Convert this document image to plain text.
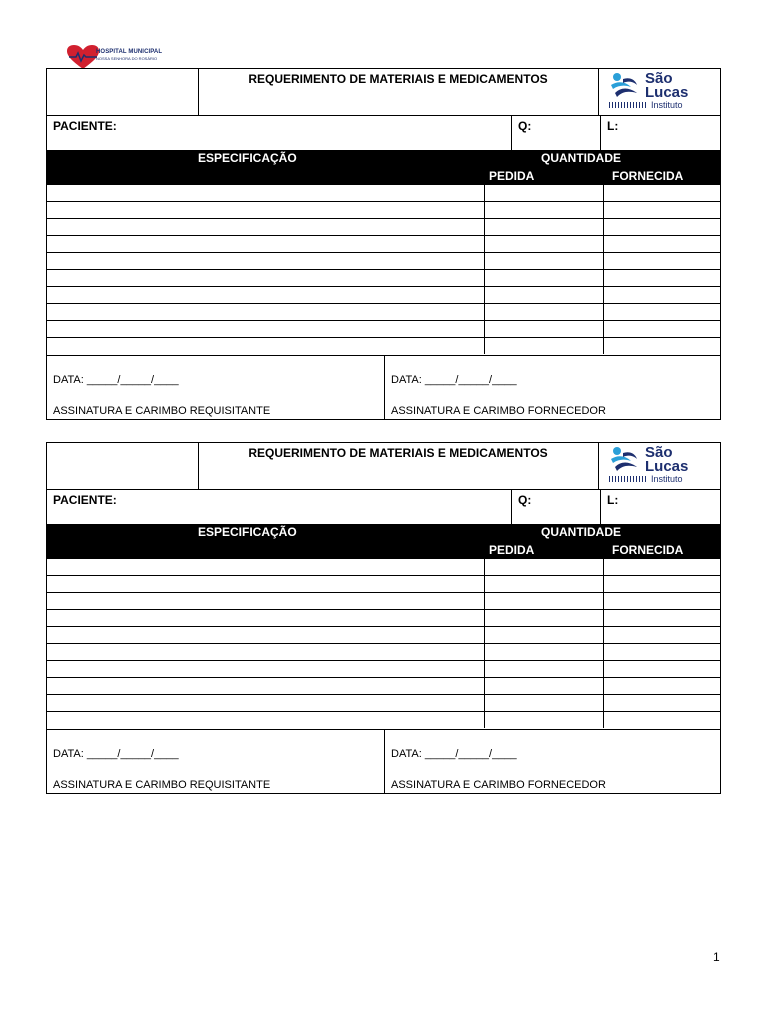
HOSPITAL MUNICIPAL
NOSSA SENHORA DO ROSÁRIO
REQUERIMENTO DE MATERIAIS E MEDICAMENTOS	São
Lucas
Instituto
PACIENTE:	Q:	L:
ESPECIFICAÇÃO	QUANTIDADE
PEDIDA	FORNECIDA
DATA: _____/_____/____
ASSINATURA E CARIMBO REQUISITANTE
DATA: _____/_____/____
ASSINATURA E CARIMBO FORNECEDOR
REQUERIMENTO DE MATERIAIS E MEDICAMENTOS	São
Lucas
Instituto
PACIENTE:	Q:	L:
ESPECIFICAÇÃO	QUANTIDADE
PEDIDA	FORNECIDA
DATA: _____/_____/____
ASSINATURA E CARIMBO REQUISITANTE
DATA: _____/_____/____
ASSINATURA E CARIMBO FORNECEDOR
1
